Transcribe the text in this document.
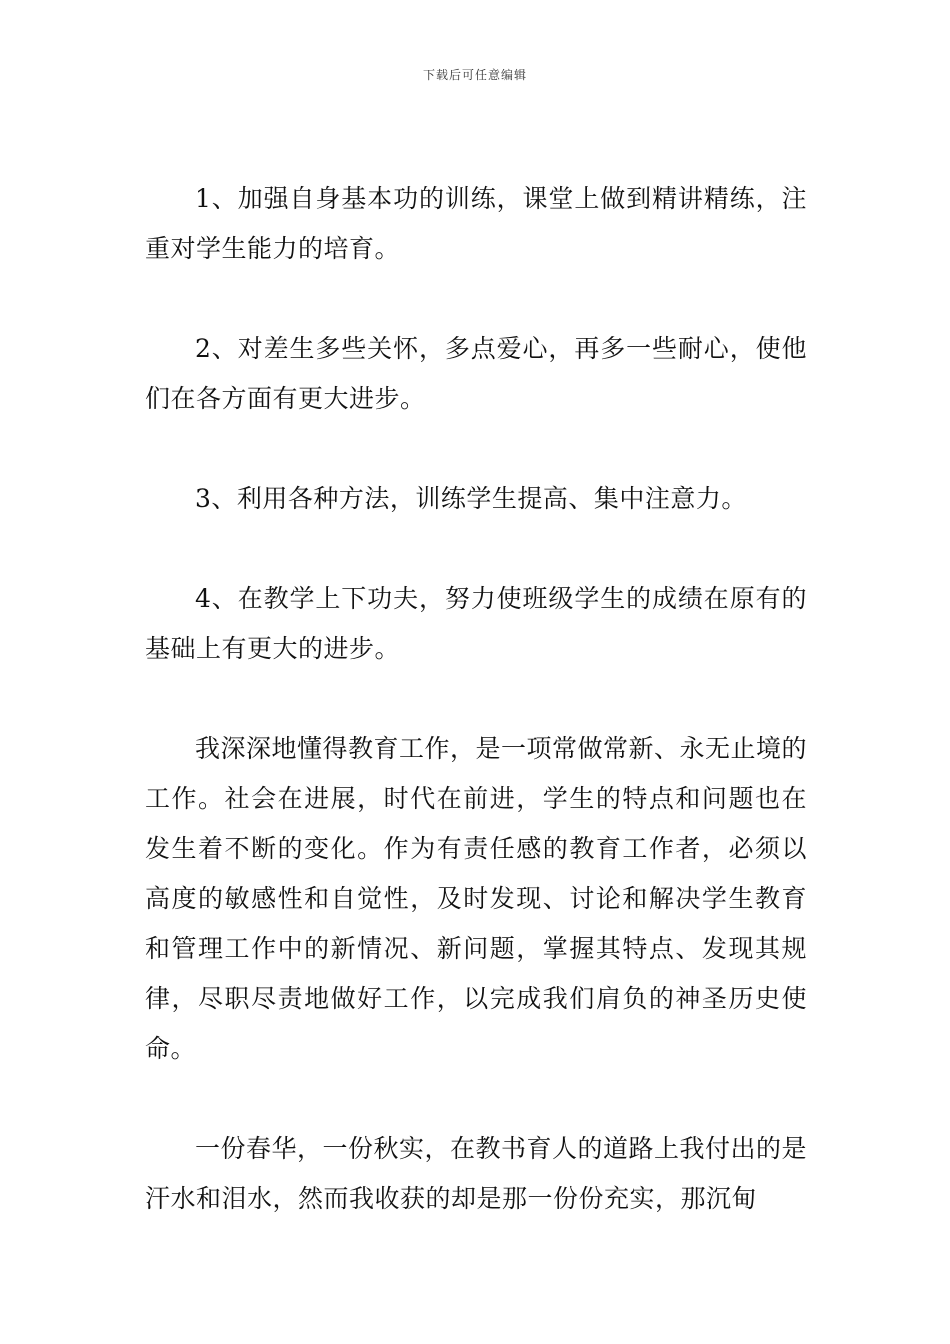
下载后可任意编辑

1、加强自身基本功的训练，课堂上做到精讲精练，注重对学生能力的培育。

2、对差生多些关怀，多点爱心，再多一些耐心，使他们在各方面有更大进步。

3、利用各种方法，训练学生提高、集中注意力。

4、在教学上下功夫，努力使班级学生的成绩在原有的基础上有更大的进步。

我深深地懂得教育工作，是一项常做常新、永无止境的工作。社会在进展，时代在前进，学生的特点和问题也在发生着不断的变化。作为有责任感的教育工作者，必须以高度的敏感性和自觉性，及时发现、讨论和解决学生教育和管理工作中的新情况、新问题，掌握其特点、发现其规律，尽职尽责地做好工作，以完成我们肩负的神圣历史使命。

一份春华，一份秋实，在教书育人的道路上我付出的是汗水和泪水，然而我收获的却是那一份份充实，那沉甸
